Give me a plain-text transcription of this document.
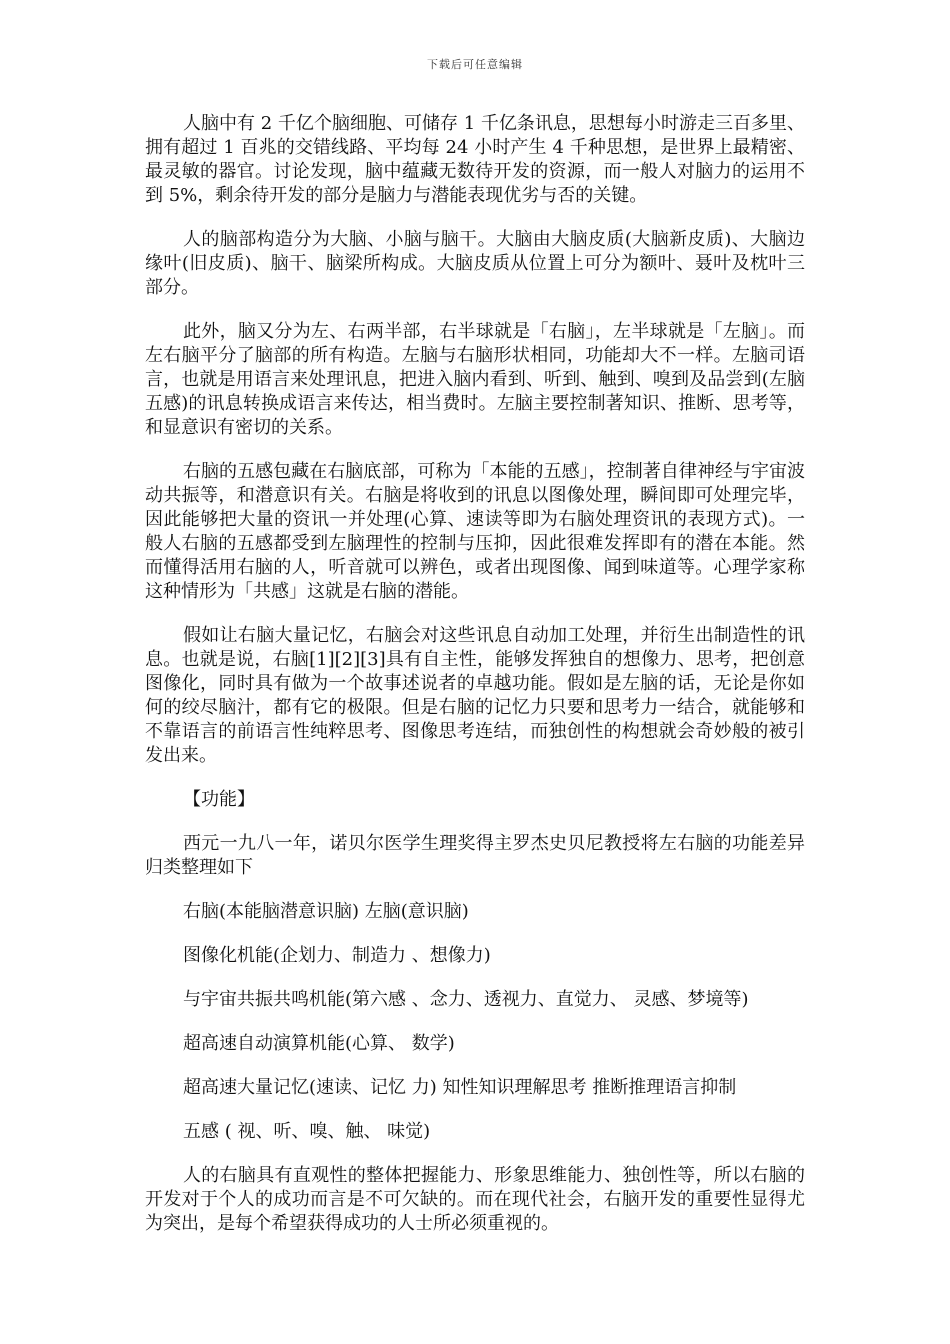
下载后可任意编辑

人脑中有 2 千亿个脑细胞、可储存 1 千亿条讯息，思想每小时游走三百多里、拥有超过 1 百兆的交错线路、平均每 24 小时产生 4 千种思想，是世界上最精密、最灵敏的器官。讨论发现，脑中蕴藏无数待开发的资源，而一般人对脑力的运用不到 5%，剩余待开发的部分是脑力与潜能表现优劣与否的关键。

人的脑部构造分为大脑、小脑与脑干。大脑由大脑皮质(大脑新皮质)、大脑边缘叶(旧皮质)、脑干、脑梁所构成。大脑皮质从位置上可分为额叶、聂叶及枕叶三部分。

此外，脑又分为左、右两半部，右半球就是「右脑」，左半球就是「左脑」。而左右脑平分了脑部的所有构造。左脑与右脑形状相同，功能却大不一样。左脑司语言，也就是用语言来处理讯息，把进入脑内看到、听到、触到、嗅到及品尝到(左脑五感)的讯息转换成语言来传达，相当费时。左脑主要控制著知识、推断、思考等，和显意识有密切的关系。

右脑的五感包藏在右脑底部，可称为「本能的五感」，控制著自律神经与宇宙波动共振等，和潜意识有关。右脑是将收到的讯息以图像处理，瞬间即可处理完毕，因此能够把大量的资讯一并处理(心算、速读等即为右脑处理资讯的表现方式)。一般人右脑的五感都受到左脑理性的控制与压抑，因此很难发挥即有的潜在本能。然而懂得活用右脑的人，听音就可以辨色，或者出现图像、闻到味道等。心理学家称这种情形为「共感」这就是右脑的潜能。

假如让右脑大量记忆，右脑会对这些讯息自动加工处理，并衍生出制造性的讯息。也就是说，右脑[1][2][3]具有自主性，能够发挥独自的想像力、思考，把创意图像化，同时具有做为一个故事述说者的卓越功能。假如是左脑的话，无论是你如何的绞尽脑汁，都有它的极限。但是右脑的记忆力只要和思考力一结合，就能够和不靠语言的前语言性纯粹思考、图像思考连结，而独创性的构想就会奇妙般的被引发出来。

【功能】

西元一九八一年，诺贝尔医学生理奖得主罗杰史贝尼教授将左右脑的功能差异归类整理如下

右脑(本能脑潜意识脑) 左脑(意识脑)

图像化机能(企划力、制造力 、想像力)

与宇宙共振共鸣机能(第六感 、念力、透视力、直觉力、 灵感、梦境等)

超高速自动演算机能(心算、 数学)

超高速大量记忆(速读、记忆 力) 知性知识理解思考 推断推理语言抑制

五感 ( 视、听、嗅、触、 味觉)

人的右脑具有直观性的整体把握能力、形象思维能力、独创性等，所以右脑的开发对于个人的成功而言是不可欠缺的。而在现代社会，右脑开发的重要性显得尤为突出，是每个希望获得成功的人士所必须重视的。
